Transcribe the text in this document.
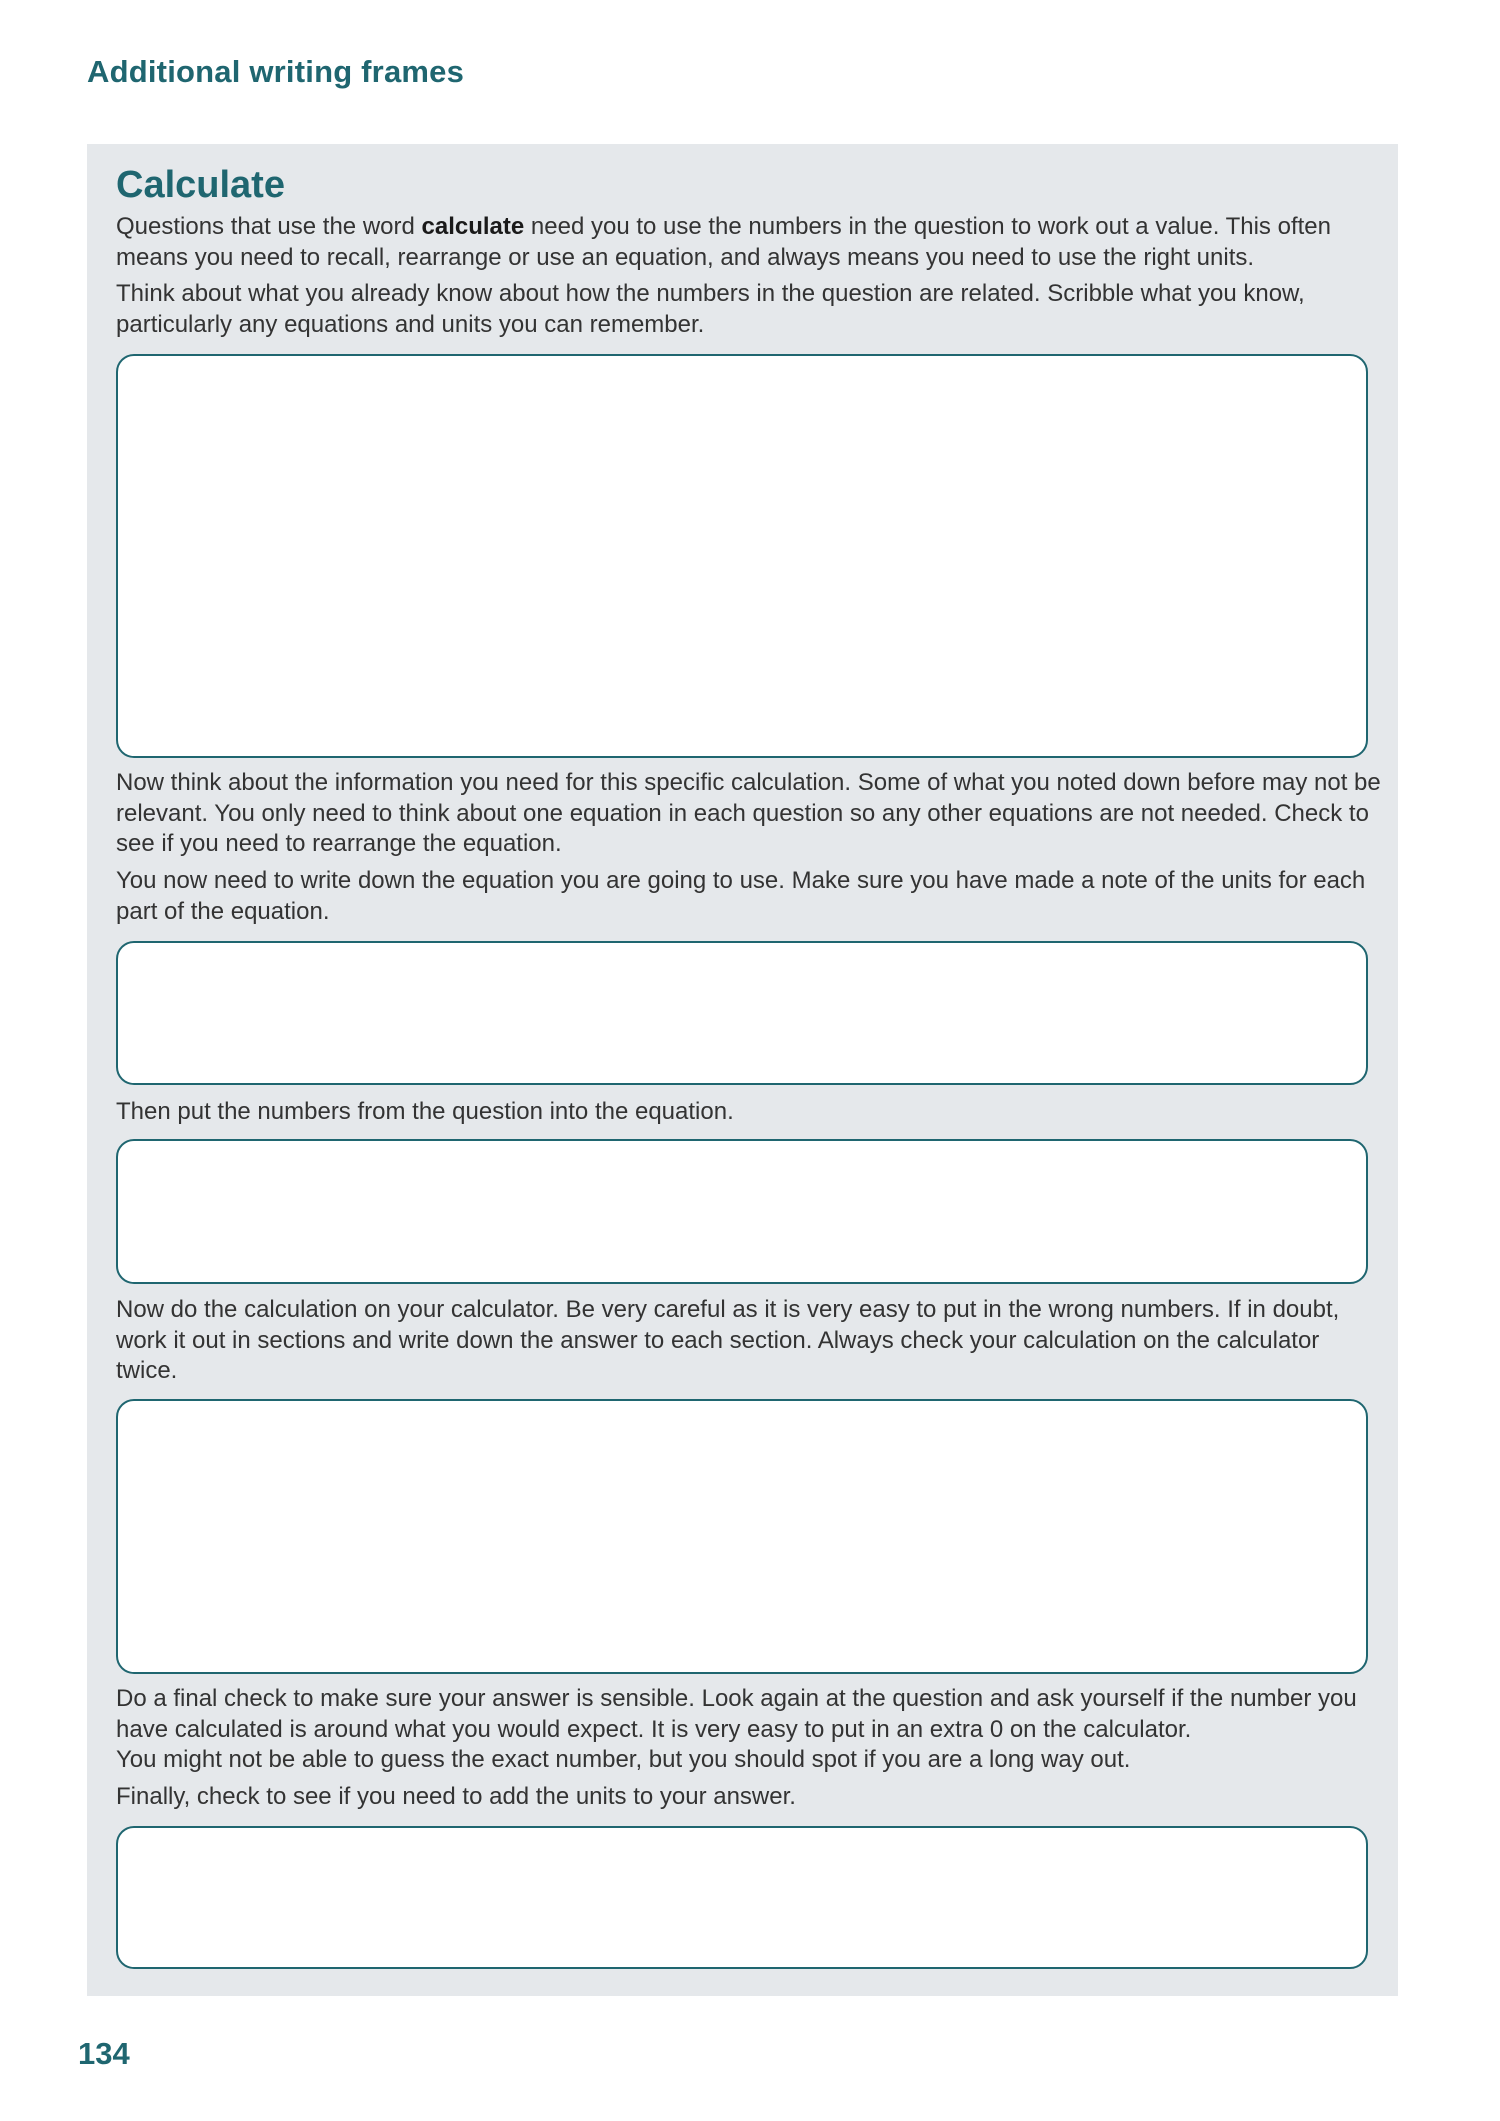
Additional writing frames
Calculate

Questions that use the word calculate need you to use the numbers in the question to work out a value. This often means you need to recall, rearrange or use an equation, and always means you need to use the right units.

Think about what you already know about how the numbers in the question are related. Scribble what you know, particularly any equations and units you can remember.

Now think about the information you need for this specific calculation. Some of what you noted down before may not be relevant. You only need to think about one equation in each question so any other equations are not needed. Check to see if you need to rearrange the equation.

You now need to write down the equation you are going to use. Make sure you have made a note of the units for each part of the equation.

Then put the numbers from the question into the equation.

Now do the calculation on your calculator. Be very careful as it is very easy to put in the wrong numbers. If in doubt, work it out in sections and write down the answer to each section. Always check your calculation on the calculator twice.

Do a final check to make sure your answer is sensible. Look again at the question and ask yourself if the number you have calculated is around what you would expect. It is very easy to put in an extra 0 on the calculator.
You might not be able to guess the exact number, but you should spot if you are a long way out.

Finally, check to see if you need to add the units to your answer.

134
